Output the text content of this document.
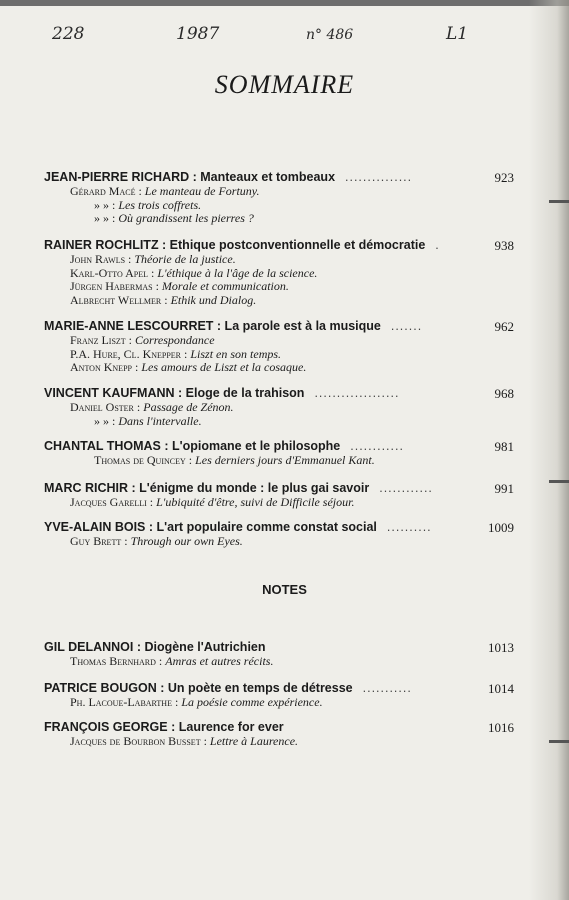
228	1987	n° 486	L1
SOMMAIRE
JEAN-PIERRE RICHARD : Manteaux et tombeaux ...............	923
Gérard Macé : Le manteau de Fortuny.
» » : Les trois coffrets.
» » : Où grandissent les pierres ?
RAINER ROCHLITZ : Ethique postconventionnelle et démocratie .	938
John Rawls : Théorie de la justice.
Karl-Otto Apel : L'éthique à la l'âge de la science.
Jürgen Habermas : Morale et communication.
Albrecht Wellmer : Ethik und Dialog.
MARIE-ANNE LESCOURRET : La parole est à la musique .......	962
Franz Liszt : Correspondance
P.A. Hure, Cl. Knepper : Liszt en son temps.
Anton Knepp : Les amours de Liszt et la cosaque.
VINCENT KAUFMANN : Eloge de la trahison ...................	968
Daniel Oster : Passage de Zénon.
» » : Dans l'intervalle.
CHANTAL THOMAS : L'opiomane et le philosophe ............	981
Thomas de Quincey : Les derniers jours d'Emmanuel Kant.
MARC RICHIR : L'énigme du monde : le plus gai savoir ............	991
Jacques Garelli : L'ubiquité d'être, suivi de Difficile séjour.
YVE-ALAIN BOIS : L'art populaire comme constat social ..........	1009
Guy Brett : Through our own Eyes.
NOTES
GIL DELANNOI : Diogène l'Autrichien	1013
Thomas Bernhard : Amras et autres récits.
PATRICE BOUGON : Un poète en temps de détresse ...........	1014
Ph. Lacoue-Labarthe : La poésie comme expérience.
FRANÇOIS GEORGE : Laurence for ever	1016
Jacques de Bourbon Busset : Lettre à Laurence.
